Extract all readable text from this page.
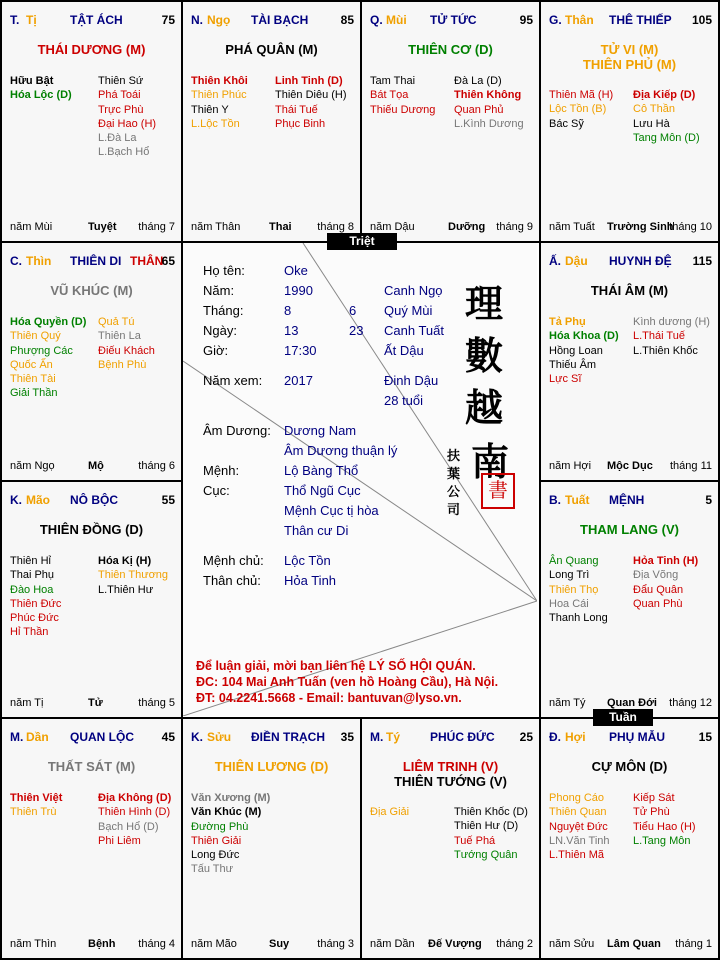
T. Tị	TẬT ÁCH	75
THÁI DƯƠNG (M)
Hữu Bật
Hóa Lộc (D)
Thiên Sứ
Phá Toái
Trực Phù
Đại Hao (H)
L.Đà La
L.Bạch Hổ
năm Mùi	Tuyệt tháng 7
N. Ngọ TÀI BẠCH	85
PHÁ QUÂN (M)
Thiên Khôi
Thiên Phúc
Thiên Y
L.Lộc Tồn
Linh Tinh (D)
Thiên Diêu (H)
Thái Tuế
Phục Binh
năm Thân	Thai tháng 8
Q. Mùi TỬ TỨC	95
THIÊN CƠ (D)
Tam Thai
Bát Tọa
Thiếu Dương
Đà La (D)
Thiên Không
Quan Phủ
L.Kình Dương
năm Dậu	Dưỡng tháng 9
G. Thân THÊ THIẾP 105
TỬ VI (M)
THIÊN PHỦ (M)
Thiên Mã (H)
Lộc Tồn (B)
Bác Sỹ
Địa Kiếp (D)
Cô Thần
Lưu Hà
Tang Môn (D)
năm Tuất Trường Sinh
tháng 10
C. Thìn THIÊN DI THÂN
65
VŨ KHÚC (M)
Hóa Quyền (D)
Thiên Quý
Phượng Các
Quốc Ấn
Thiên Tài
Giải Thần
Quả Tú
Thiên La
Điếu Khách
Bệnh Phù
năm Ngọ	Mộ	tháng 6
Ấ. Dậu HUYNH ĐỆ 115
THÁI ÂM (M)
Tả Phụ
Hóa Khoa (D)
Hồng Loan
Thiếu Âm
Lực Sĩ
Kình dương (H)
L.Thái Tuế
L.Thiên Khốc
năm Hợi Mộc Dục tháng 11
K. Mão NÔ BỘC	55
THIÊN ĐỒNG (D)
Thiên Hỉ
Thai Phụ
Đào Hoa
Thiên Đức
Phúc Đức
Hỉ Thần
Hóa Kị (H)
Thiên Thương
L.Thiên Hư
năm Tị	Tử	tháng 5
B. Tuất MỆNH	5
THAM LANG (V)
Ân Quang
Long Trì
Thiên Thọ
Hoa Cái
Thanh Long
Hỏa Tinh (H)
Địa Võng
Đẩu Quân
Quan Phù
năm Tý Quan Đới tháng 12
M. Dần QUAN LỘC 45
THẤT SÁT (M)
Thiên Việt
Thiên Trù
Địa Không (D)
Thiên Hình (D)
Bạch Hổ (D)
Phi Liêm
năm Thìn	Bệnh tháng 4
K. Sửu ĐIỀN TRẠCH 35
THIÊN LƯƠNG (D)
Văn Xương (M)
Văn Khúc (M)
Đường Phù
Thiên Giải
Long Đức
Tấu Thư
năm Mão	Suy	tháng 3
M. Tý PHÚC ĐỨC 25
LIÊM TRINH (V)
THIÊN TƯỚNG (V)
Địa Giải	Thiên Khốc (D)
Thiên Hư (D)
Tuế Phá
Tướng Quân
năm Dần Đế Vượng tháng 2
Đ. Hợi PHỤ MẪU	15
CỰ MÔN (D)
Phong Cáo
Thiên Quan
Nguyệt Đức
LN.Văn Tinh
L.Thiên Mã
Kiếp Sát
Tử Phù
Tiểu Hao (H)
L.Tang Môn
năm Sửu Lâm Quan tháng 1
Họ tên:	Oke
Năm:	1990	Canh Ngọ
Tháng:	8	6 Quý Mùi
Ngày:	13	23 Canh Tuất
Giờ:	17:30	Ất Dậu
Năm xem: 2017	Đinh Dậu
28 tuổi
Âm Dương: Dương Nam
Âm Dương thuận lý
Mệnh:	Lộ Bàng Thổ
Cục:	Thổ Ngũ Cục
Mệnh Cục tị hòa
Thân cư Di
Mệnh chủ: Lộc Tồn
Thân chủ: Hỏa Tinh
理
數
越
南
扶
葉
公
司
書
Để luận giải, mời bạn liên hệ LÝ SỐ HỘI QUÁN.
ĐC: 104 Mai Anh Tuấn (ven hồ Hoàng Cầu), Hà Nội.
ĐT: 04.2241.5668 - Email: bantuvan@lyso.vn.
Triệt
Tuần
